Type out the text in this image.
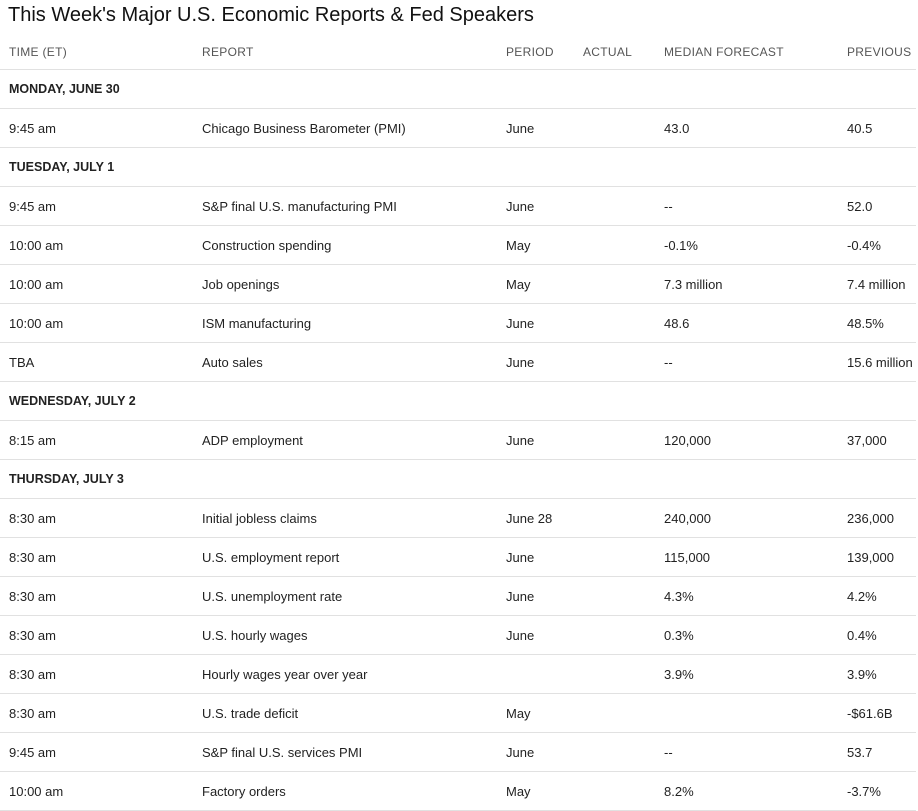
This Week's Major U.S. Economic Reports & Fed Speakers
TIME (ET)	REPORT	PERIOD	ACTUAL	MEDIAN FORECAST	PREVIOUS
MONDAY, JUNE 30					
9:45 am	Chicago Business Barometer (PMI)	June		43.0	40.5
TUESDAY, JULY 1					
9:45 am	S&P final U.S. manufacturing PMI	June		--	52.0
10:00 am	Construction spending	May		-0.1%	-0.4%
10:00 am	Job openings	May		7.3 million	7.4 million
10:00 am	ISM manufacturing	June		48.6	48.5%
TBA	Auto sales	June		--	15.6 million
WEDNESDAY, JULY 2					
8:15 am	ADP employment	June		120,000	37,000
THURSDAY, JULY 3					
8:30 am	Initial jobless claims	June 28		240,000	236,000
8:30 am	U.S. employment report	June		115,000	139,000
8:30 am	U.S. unemployment rate	June		4.3%	4.2%
8:30 am	U.S. hourly wages	June		0.3%	0.4%
8:30 am	Hourly wages year over year			3.9%	3.9%
8:30 am	U.S. trade deficit	May			-$61.6B
9:45 am	S&P final U.S. services PMI	June		--	53.7
10:00 am	Factory orders	May		8.2%	-3.7%
